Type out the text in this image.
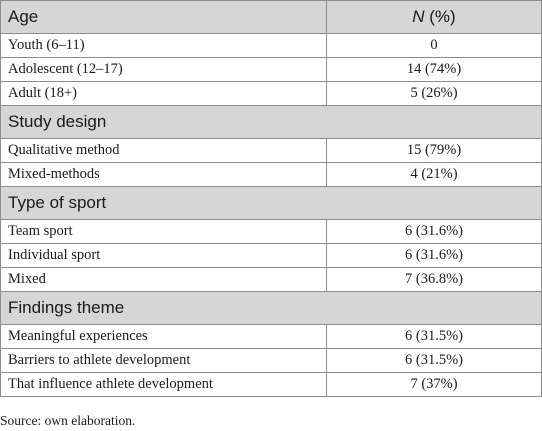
Age	N (%)
Youth (6–11)	0
Adolescent (12–17)	14 (74%)
Adult (18+)	5 (26%)
Study design	
Qualitative method	15 (79%)
Mixed-methods	4 (21%)
Type of sport	
Team sport	6 (31.6%)
Individual sport	6 (31.6%)
Mixed	7 (36.8%)
Findings theme	
Meaningful experiences	6 (31.5%)
Barriers to athlete development	6 (31.5%)
That influence athlete development	7 (37%)
Source: own elaboration.
